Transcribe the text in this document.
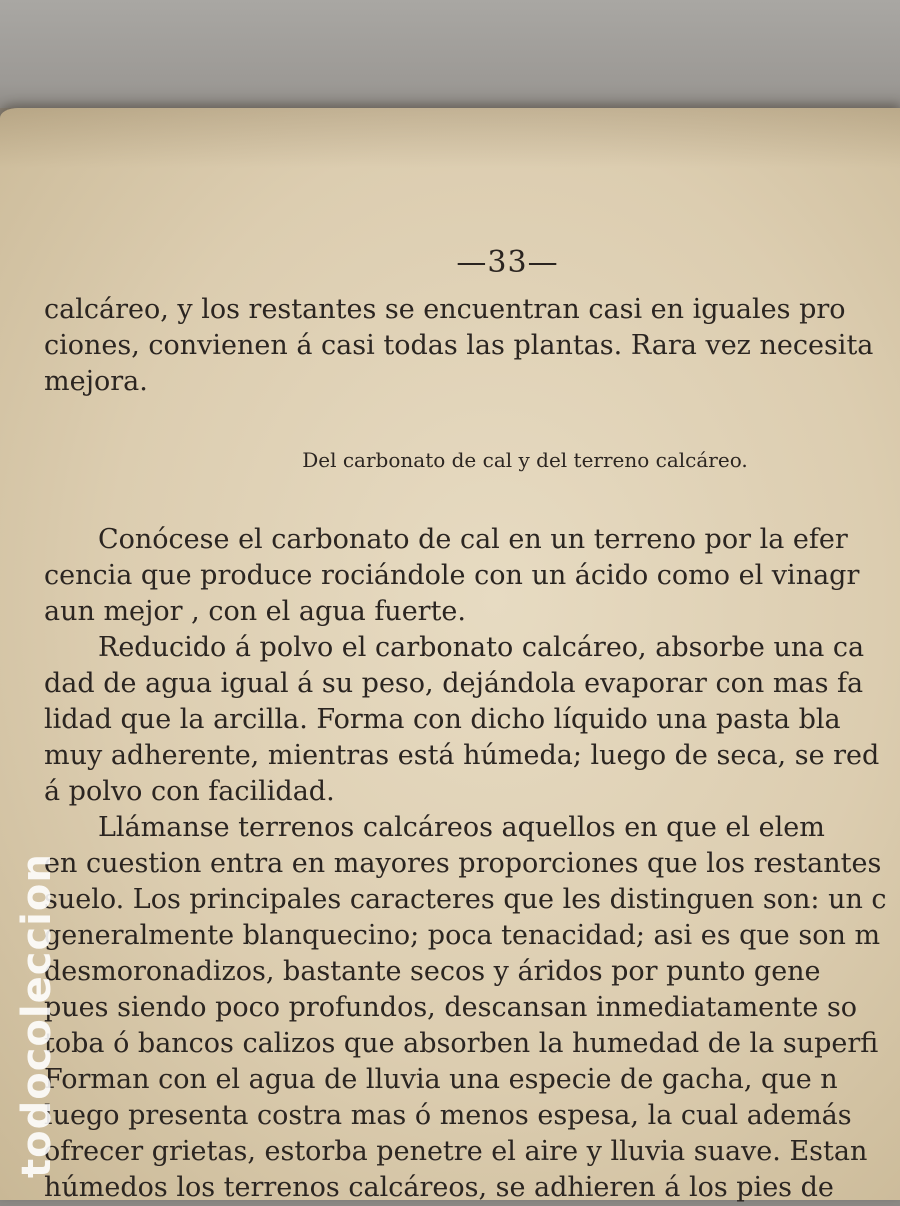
—33—
calcáreo, y los restantes se encuentran casi en iguales pro
ciones, convienen á casi todas las plantas. Rara vez necesita
mejora.
Conócese el carbonato de cal en un terreno por la efer
cencia que produce rociándole con un ácido como el vinagr
aun mejor , con el agua fuerte.
Reducido á polvo el carbonato calcáreo, absorbe una ca
dad de agua igual á su peso, dejándola evaporar con mas fa
lidad que la arcilla. Forma con dicho líquido una pasta bla
muy adherente, mientras está húmeda; luego de seca, se red
á polvo con facilidad.
Llámanse terrenos calcáreos aquellos en que el elem
en cuestion entra en mayores proporciones que los restantes
suelo. Los principales caracteres que les distinguen son: un c
generalmente blanquecino; poca tenacidad; asi es que son m
desmoronadizos, bastante secos y áridos por punto gene
pues siendo poco profundos, descansan inmediatamente so
toba ó bancos calizos que absorben la humedad de la superfi
Forman con el agua de lluvia una especie de gacha, que n
luego presenta costra mas ó menos espesa, la cual además
ofrecer grietas, estorba penetre el aire y lluvia suave. Estan
húmedos los terrenos calcáreos, se adhieren á los pies de
Del carbonato de cal y del terreno calcáreo.
todocoleccion
